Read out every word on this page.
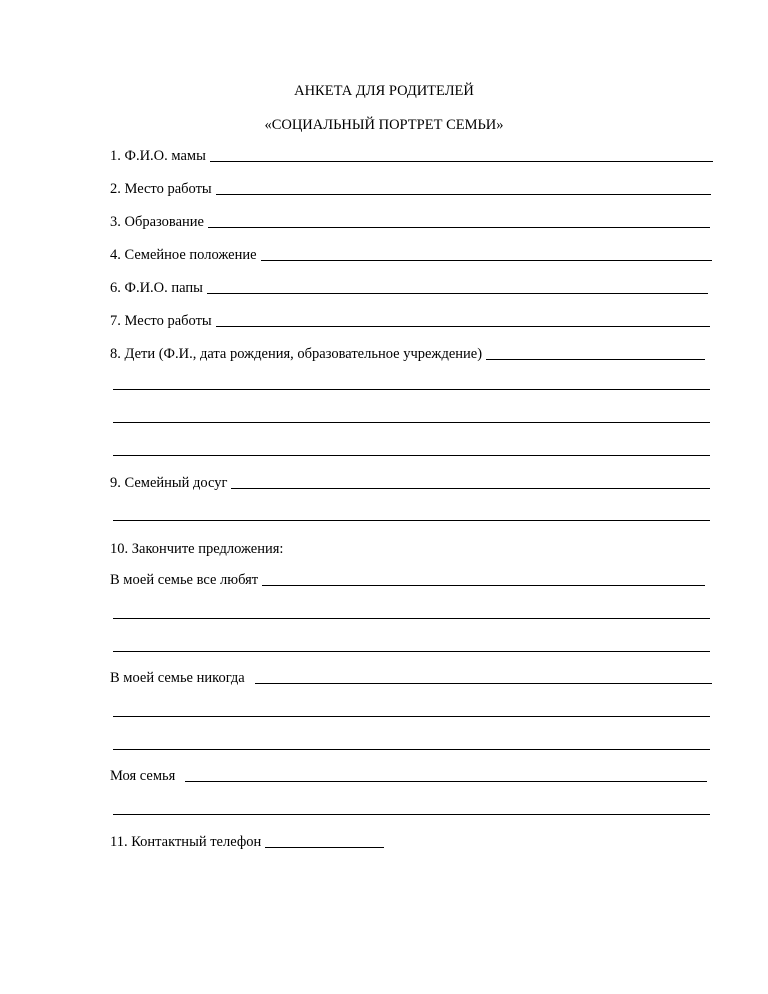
АНКЕТА ДЛЯ РОДИТЕЛЕЙ
«СОЦИАЛЬНЫЙ ПОРТРЕТ СЕМЬИ»
1. Ф.И.О. мамы
2. Место работы
3. Образование
4. Семейное положение
6. Ф.И.О. папы
7. Место работы
8. Дети (Ф.И., дата рождения, образовательное учреждение)
9. Семейный досуг
10. Закончите предложения:
В моей семье все любят
В моей семье никогда
Моя семья
11. Контактный телефон
